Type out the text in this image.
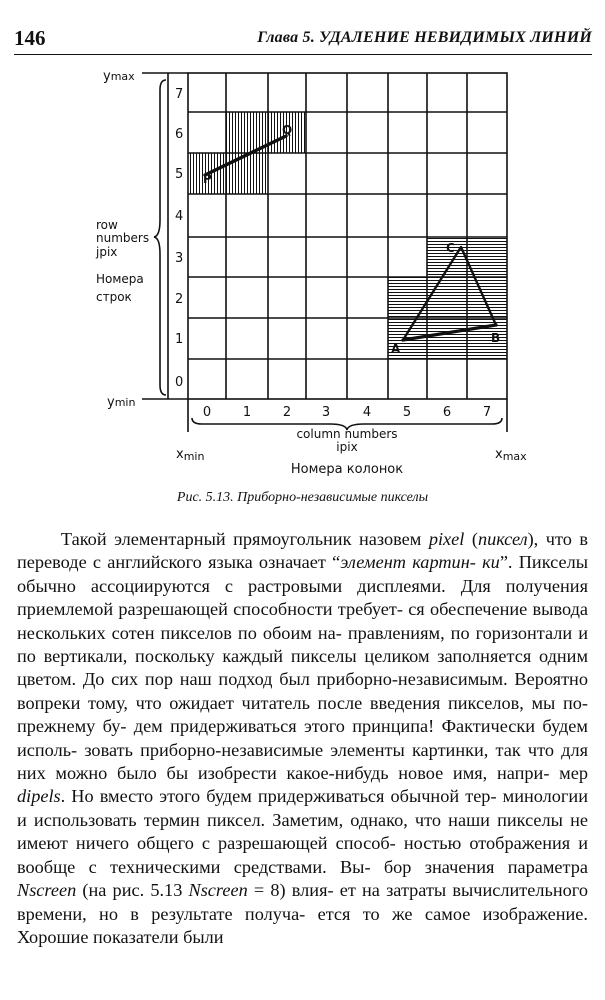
146	Глава 5. УДАЛЕНИЕ НЕВИДИМЫХ ЛИНИЙ
P
Q
A
B
C
0
1
2
3
4
5
6
7
0 1 2 3	4 5 6 7
ymax
ymin
xmin	xmax
row
numbers
jpix
Номера
строк
column numbers
ipix
Номера колонок
Рис. 5.13. Приборно-независимые пикселы

Такой элементарный прямоугольник назовем pixel (пиксел), что в переводе с английского языка означает “элемент картин- ки”. Пикселы обычно ассоциируются с растровыми дисплеями. Для получения приемлемой разрешающей способности требует- ся обеспечение вывода нескольких сотен пикселов по обоим на- правлениям, по горизонтали и по вертикали, поскольку каждый пикселы целиком заполняется одним цветом. До сих пор наш подход был приборно-независимым. Вероятно вопреки тому, что ожидает читатель после введения пикселов, мы по-прежнему бу- дем придерживаться этого принципа! Фактически будем исполь- зовать приборно-независимые элементы картинки, так что для них можно было бы изобрести какое-нибудь новое имя, напри- мер dipels. Но вместо этого будем придерживаться обычной тер- минологии и использовать термин пиксел. Заметим, однако, что наши пикселы не имеют ничего общего с разрешающей способ- ностью отображения и вообще с техническими средствами. Вы- бор значения параметра Nscreen (на рис. 5.13 Nscreen = 8) влия- ет на затраты вычислительного времени, но в результате получа- ется то же самое изображение. Хорошие показатели были
